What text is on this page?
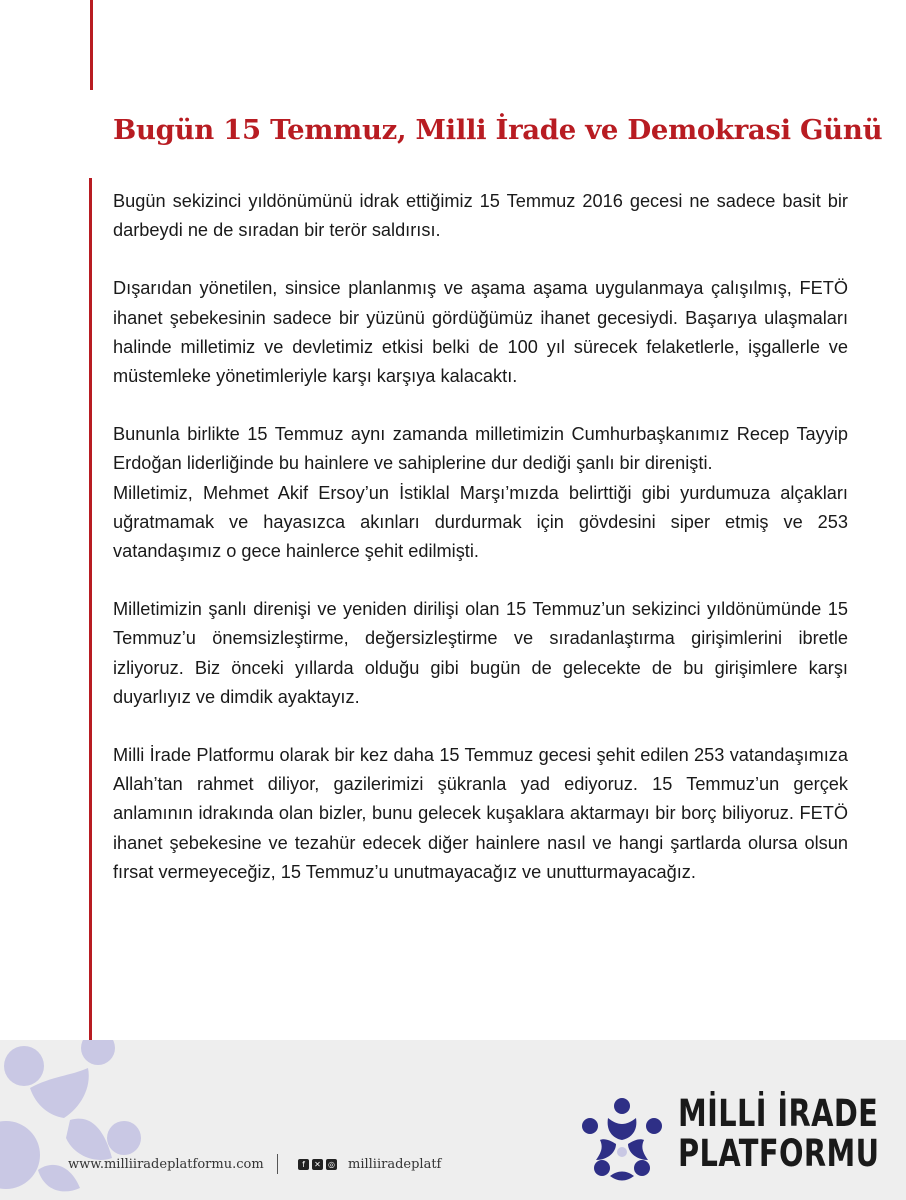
Bugün 15 Temmuz, Milli İrade ve Demokrasi Günü

Bugün sekizinci yıldönümünü idrak ettiğimiz 15 Temmuz 2016 gecesi ne sadece basit bir darbeydi ne de sıradan bir terör saldırısı.

Dışarıdan yönetilen, sinsice planlanmış ve aşama aşama uygulanmaya çalışılmış, FETÖ ihanet şebekesinin sadece bir yüzünü gördüğümüz ihanet gecesiydi. Başarıya ulaşmaları halinde milletimiz ve devletimiz etkisi belki de 100 yıl sürecek felaketlerle, işgallerle ve müstemleke yönetimleriyle karşı karşıya kalacaktı.

Bununla birlikte 15 Temmuz aynı zamanda milletimizin Cumhurbaşkanımız Recep Tayyip Erdoğan liderliğinde bu hainlere ve sahiplerine dur dediği şanlı bir direnişti.

Milletimiz, Mehmet Akif Ersoy’un İstiklal Marşı’mızda belirttiği gibi yurdumuza alçakları uğratmamak ve hayasızca akınları durdurmak için gövdesini siper etmiş ve 253 vatandaşımız o gece hainlerce şehit edilmişti.

Milletimizin şanlı direnişi ve yeniden dirilişi olan 15 Temmuz’un sekizinci yıldönümünde 15 Temmuz’u önemsizleştirme, değersizleştirme ve sıradanlaştırma girişimlerini ibretle izliyoruz. Biz önceki yıllarda olduğu gibi bugün de gelecekte de bu girişimlere karşı duyarlıyız ve dimdik ayaktayız.

Milli İrade Platformu olarak bir kez daha 15 Temmuz gecesi şehit edilen 253 vatandaşımıza Allah’tan rahmet diliyor, gazilerimizi şükranla yad ediyoruz. 15 Temmuz’un gerçek anlamının idrakında olan bizler, bunu gelecek kuşaklara aktarmayı bir borç biliyoruz. FETÖ ihanet şebekesine ve tezahür edecek diğer hainlere nasıl ve hangi şartlarda olursa olsun fırsat vermeyeceğiz, 15 Temmuz’u unutmayacağız ve unutturmayacağız.

www.milliiradeplatformu.com	f	✕ ◎ milliiradeplatf
MİLLİ İRADE
PLATFORMU
